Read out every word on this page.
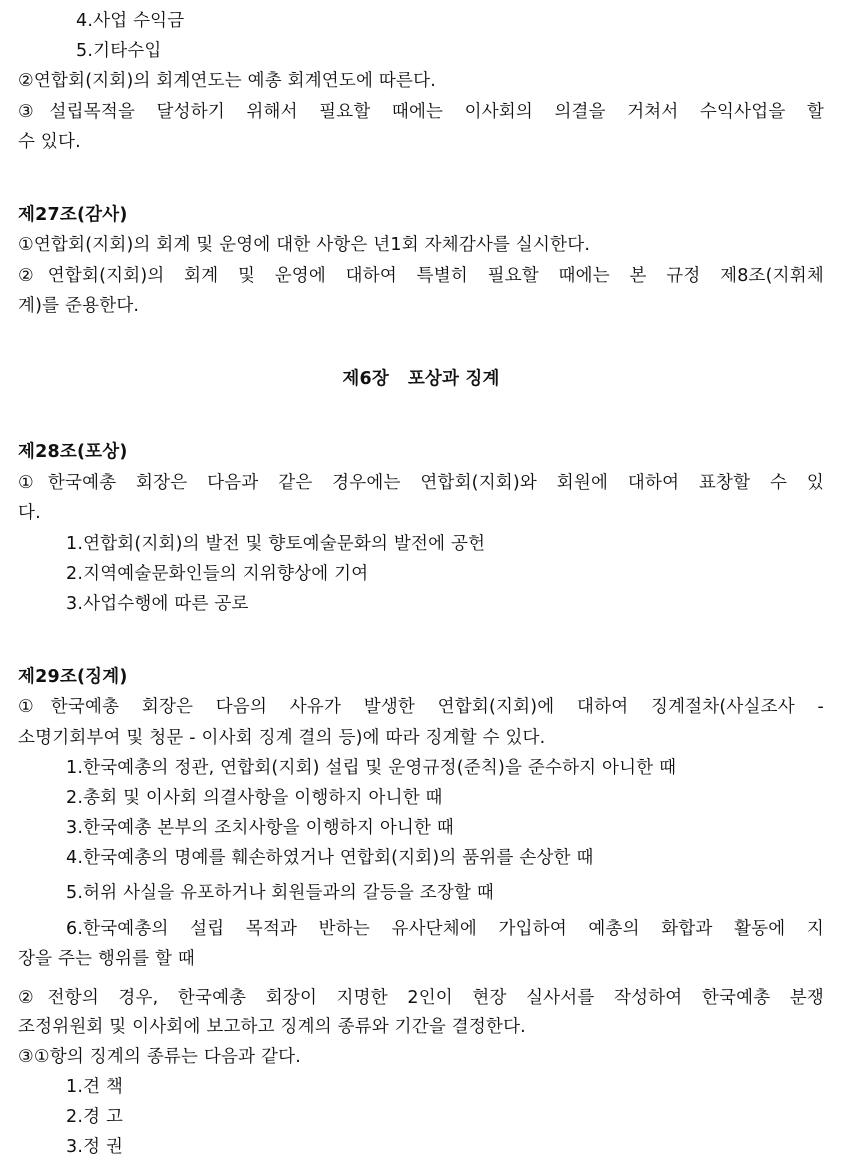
4.사업 수익금
5.기타수입
②연합회(지회)의 회계연도는 예총 회계연도에 따른다.
③설립목적을 달성하기 위해서 필요할 때에는 이사회의 의결을 거쳐서 수익사업을 할
수 있다.
제27조(감사)
①연합회(지회)의 회계 및 운영에 대한 사항은 년1회 자체감사를 실시한다.
②연합회(지회)의 회계 및 운영에 대하여 특별히 필요할 때에는 본 규정 제8조(지휘체
계)를 준용한다.
제6장   포상과 징계
제28조(포상)
①한국예총 회장은 다음과 같은 경우에는 연합회(지회)와 회원에 대하여 표창할 수 있
다.
1.연합회(지회)의 발전 및 향토예술문화의 발전에 공헌
2.지역예술문화인들의 지위향상에 기여
3.사업수행에 따른 공로
제29조(징계)
①한국예총 회장은 다음의 사유가 발생한 연합회(지회)에 대하여 징계절차(사실조사 -
소명기회부여 및 청문 - 이사회 징계 결의 등)에 따라 징계할 수 있다.
1.한국예총의 정관, 연합회(지회) 설립 및 운영규정(준칙)을 준수하지 아니한 때
2.총회 및 이사회 의결사항을 이행하지 아니한 때
3.한국예총 본부의 조치사항을 이행하지 아니한 때
4.한국예총의 명예를 훼손하였거나 연합회(지회)의 품위를 손상한 때
5.허위 사실을 유포하거나 회원들과의 갈등을 조장할 때
6.한국예총의 설립 목적과 반하는 유사단체에 가입하여 예총의 화합과 활동에 지
장을 주는 행위를 할 때
②전항의 경우, 한국예총 회장이 지명한 2인이 현장 실사서를 작성하여 한국예총 분쟁
조정위원회 및 이사회에 보고하고 징계의 종류와 기간을 결정한다.
③①항의 징계의 종류는 다음과 같다.
1.견 책
2.경 고
3.정 권
